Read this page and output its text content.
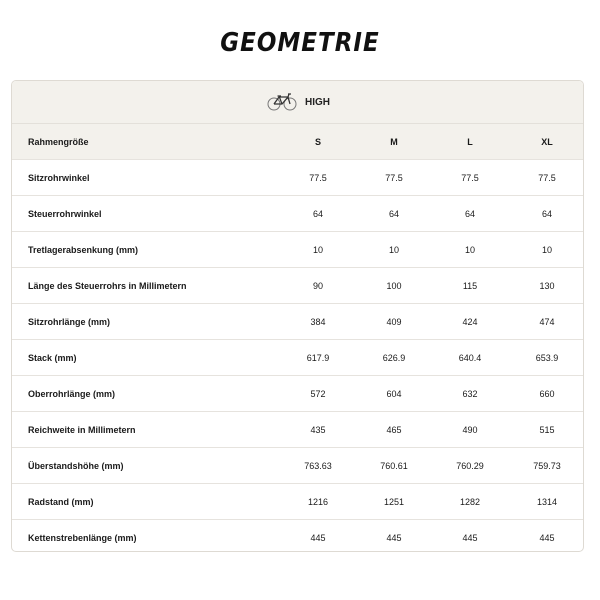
GEOMETRIE
HIGH
Rahmengröße	S	M	L	XL
Sitzrohrwinkel	77.5	77.5	77.5	77.5
Steuerrohrwinkel	64	64	64	64
Tretlagerabsenkung (mm)	10	10	10	10
Länge des Steuerrohrs in Millimetern	90	100	115	130
Sitzrohrlänge (mm)	384	409	424	474
Stack (mm)	617.9	626.9	640.4	653.9
Oberrohrlänge (mm)	572	604	632	660
Reichweite in Millimetern	435	465	490	515
Überstandshöhe (mm)	763.63	760.61	760.29	759.73
Radstand (mm)	1216	1251	1282	1314
Kettenstrebenlänge (mm)	445	445	445	445
